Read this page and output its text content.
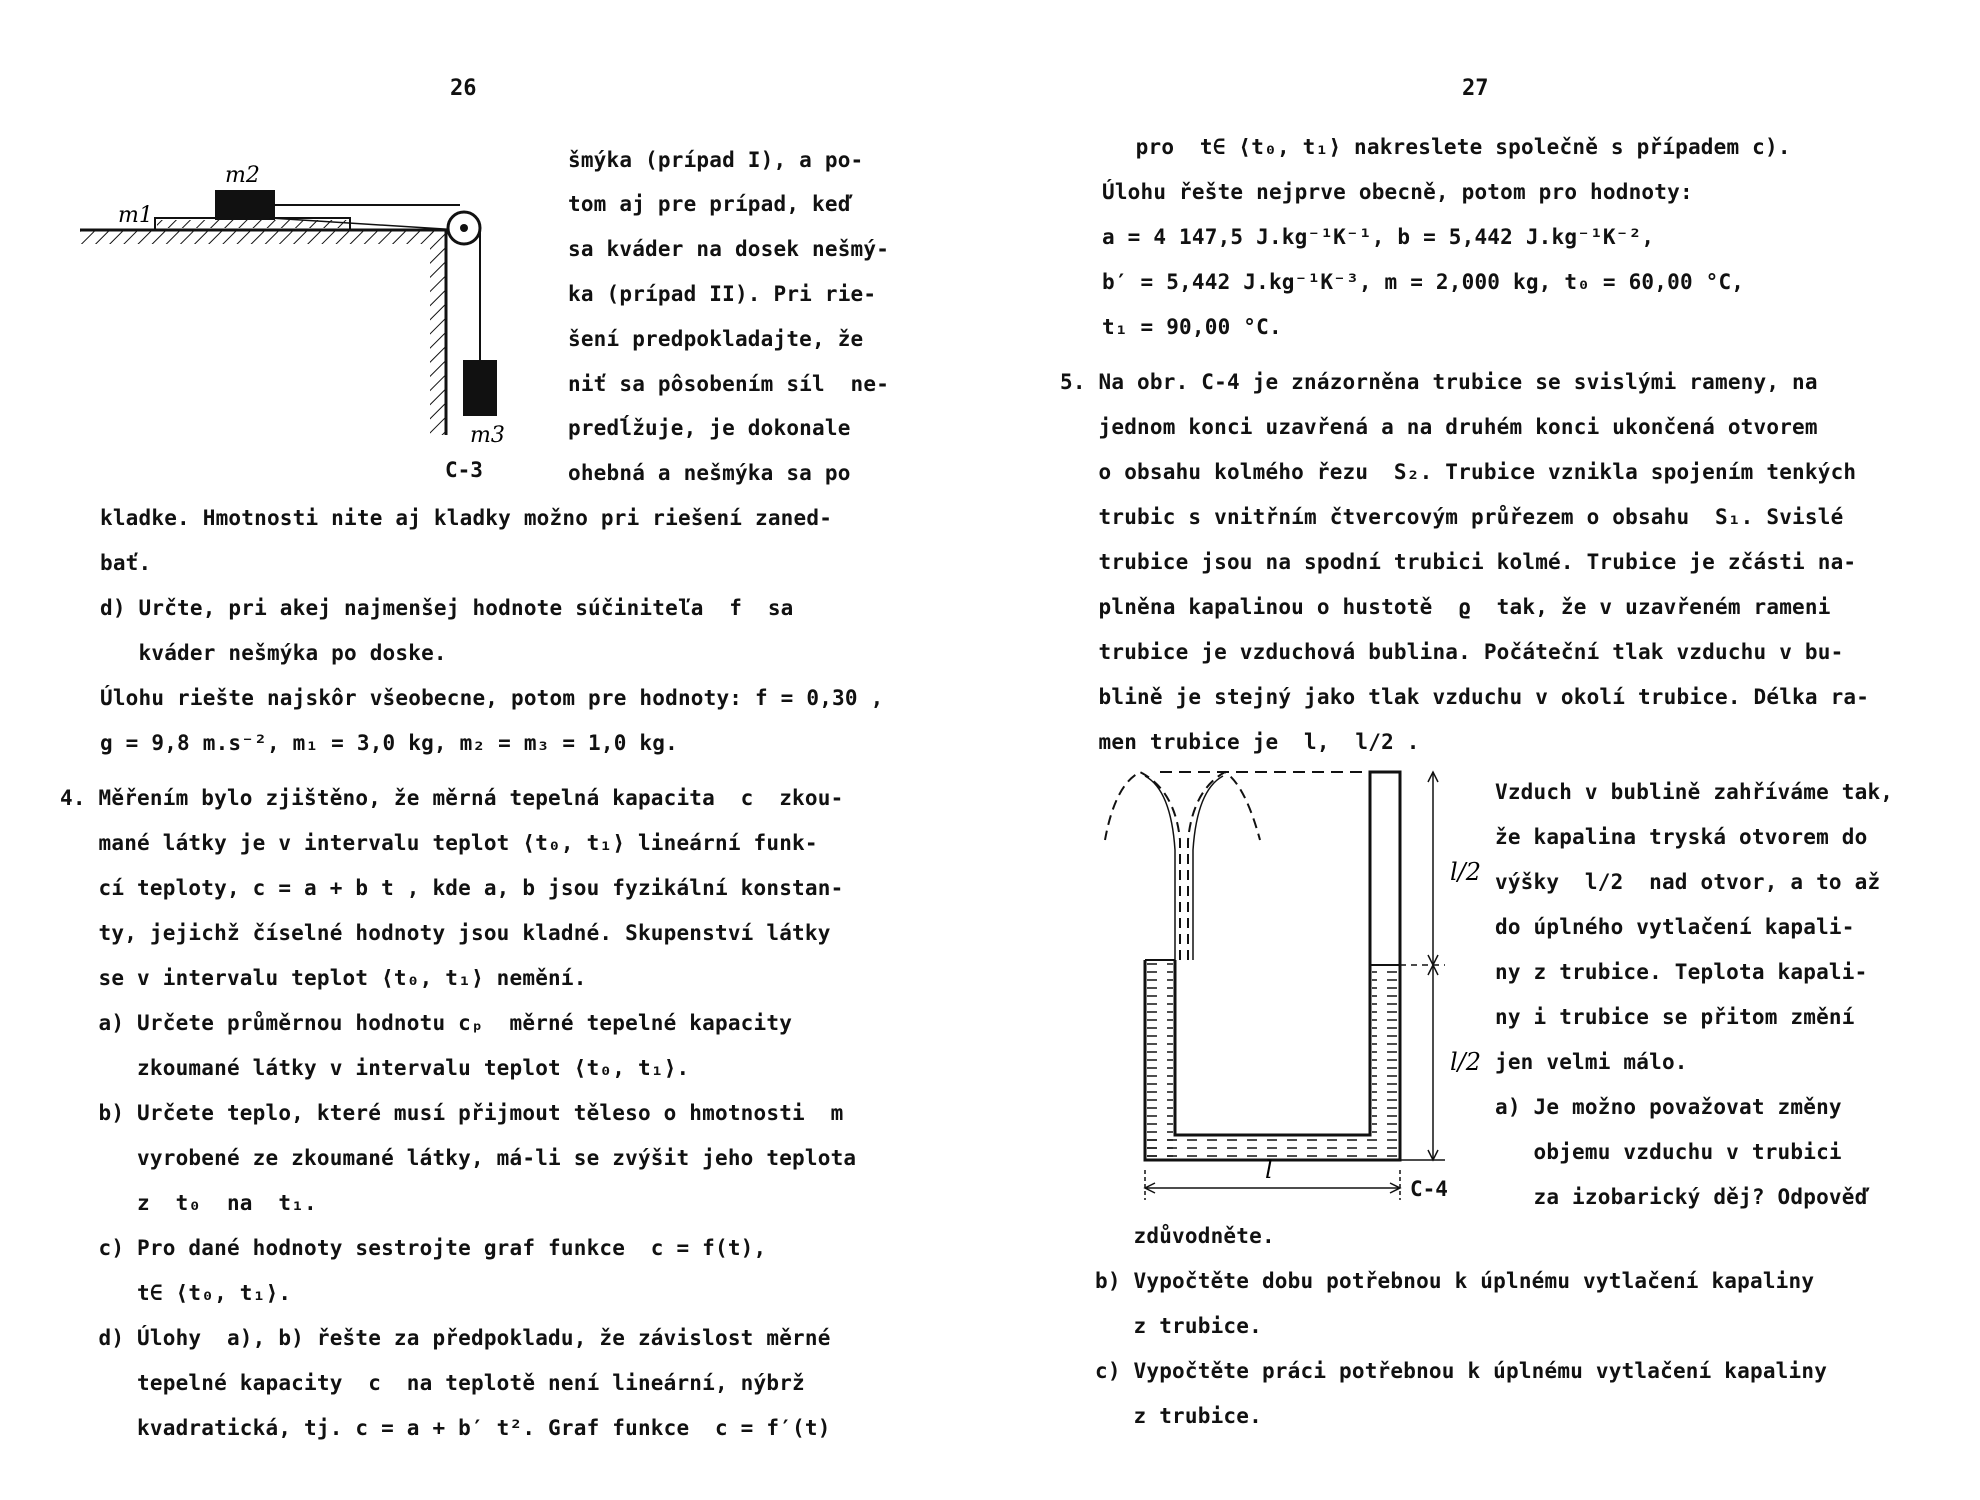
26	27
m1
m2
m3
C-3
šmýka (prípad I), a po-
tom aj pre prípad, keď
sa kváder na dosek nešmý-
ka (prípad II). Pri rie-
šení predpokladajte, že
niť sa pôsobením síl  ne-
predĺžuje, je dokonale
ohebná a nešmýka sa po
kladke. Hmotnosti nite aj kladky možno pri riešení zaned-
bať.
d) Určte, pri akej najmenšej hodnote súčiniteľa  f  sa
kváder nešmýka po doske.
Úlohu riešte najskôr všeobecne, potom pre hodnoty: f = 0,30 ,
g = 9,8 m.s⁻², m₁ = 3,0 kg, m₂ = m₃ = 1,0 kg.
4. Měřením bylo zjištěno, že měrná tepelná kapacita  c  zkou-
mané látky je v intervalu teplot ⟨t₀, t₁⟩ lineární funk-
cí teploty, c = a + b t , kde a, b jsou fyzikální konstan-
ty, jejichž číselné hodnoty jsou kladné. Skupenství látky
se v intervalu teplot ⟨t₀, t₁⟩ nemění.
a) Určete průměrnou hodnotu cₚ  měrné tepelné kapacity
zkoumané látky v intervalu teplot ⟨t₀, t₁⟩.
b) Určete teplo, které musí přijmout těleso o hmotnosti  m
vyrobené ze zkoumané látky, má-li se zvýšit jeho teplota
z  t₀  na  t₁.
c) Pro dané hodnoty sestrojte graf funkce  c = f(t),
t∈ ⟨t₀, t₁⟩.
d) Úlohy  a), b) řešte za předpokladu, že závislost měrné
tepelné kapacity  c  na teplotě není lineární, nýbrž
kvadratická, tj. c = a + b′ t². Graf funkce  c = f′(t)
pro  t∈ ⟨t₀, t₁⟩ nakreslete společně s případem c).
Úlohu řešte nejprve obecně, potom pro hodnoty:
a = 4 147,5 J.kg⁻¹K⁻¹, b = 5,442 J.kg⁻¹K⁻²,
b′ = 5,442 J.kg⁻¹K⁻³, m = 2,000 kg, t₀ = 60,00 °C,
t₁ = 90,00 °C.
5. Na obr. C-4 je znázorněna trubice se svislými rameny, na
jednom konci uzavřená a na druhém konci ukončená otvorem
o obsahu kolmého řezu  S₂. Trubice vznikla spojením tenkých
trubic s vnitřním čtvercovým průřezem o obsahu  S₁. Svislé
trubice jsou na spodní trubici kolmé. Trubice je zčásti na-
plněna kapalinou o hustotě  ϱ  tak, že v uzavřeném rameni
trubice je vzduchová bublina. Počáteční tlak vzduchu v bu-
blině je stejný jako tlak vzduchu v okolí trubice. Délka ra-
men trubice je  l,  l/2 .
l/2
l/2
l
C-4
Vzduch v bublině zahříváme tak,
že kapalina tryská otvorem do
výšky  l/2  nad otvor, a to až
do úplného vytlačení kapali-
ny z trubice. Teplota kapali-
ny i trubice se přitom změní
jen velmi málo.
a) Je možno považovat změny
objemu vzduchu v trubici
za izobarický děj? Odpověď
zdůvodněte.
b) Vypočtěte dobu potřebnou k úplnému vytlačení kapaliny
z trubice.
c) Vypočtěte práci potřebnou k úplnému vytlačení kapaliny
z trubice.
